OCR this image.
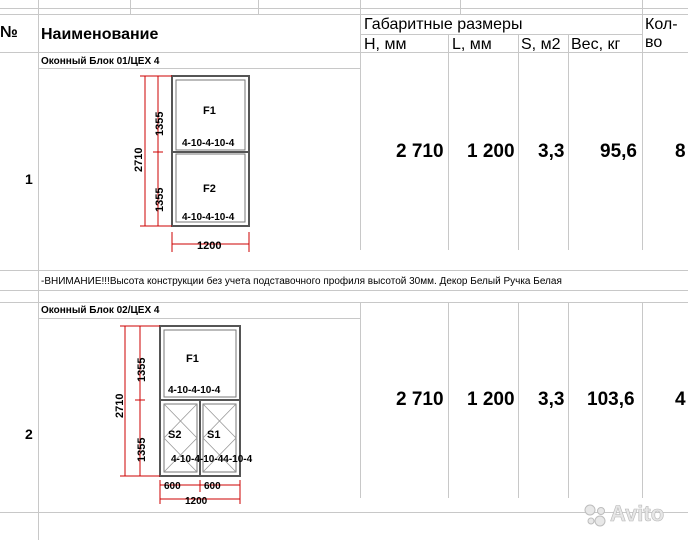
№ Наименование
Габаритные размеры
H, мм	L, мм S, м2 Вес, кг
Кол-
во
1
Оконный Блок 01/ЦЕХ 4
2 710 1 200 3,3 95,6 8
-ВНИМАНИЕ!!!Высота конструкции без учета подставочного профиля высотой 30мм. Декор Белый Ручка Белая
1355
1355
2710
1200
F1
4-10-4-10-4
F2
4-10-4-10-4
2
Оконный Блок 02/ЦЕХ 4
2 710 1 200 3,3 103,6 4
1355
1355
2710
600 600
1200
F1
4-10-4-10-4
S2 S1
4-10-4-10-44-10-4
Avito
